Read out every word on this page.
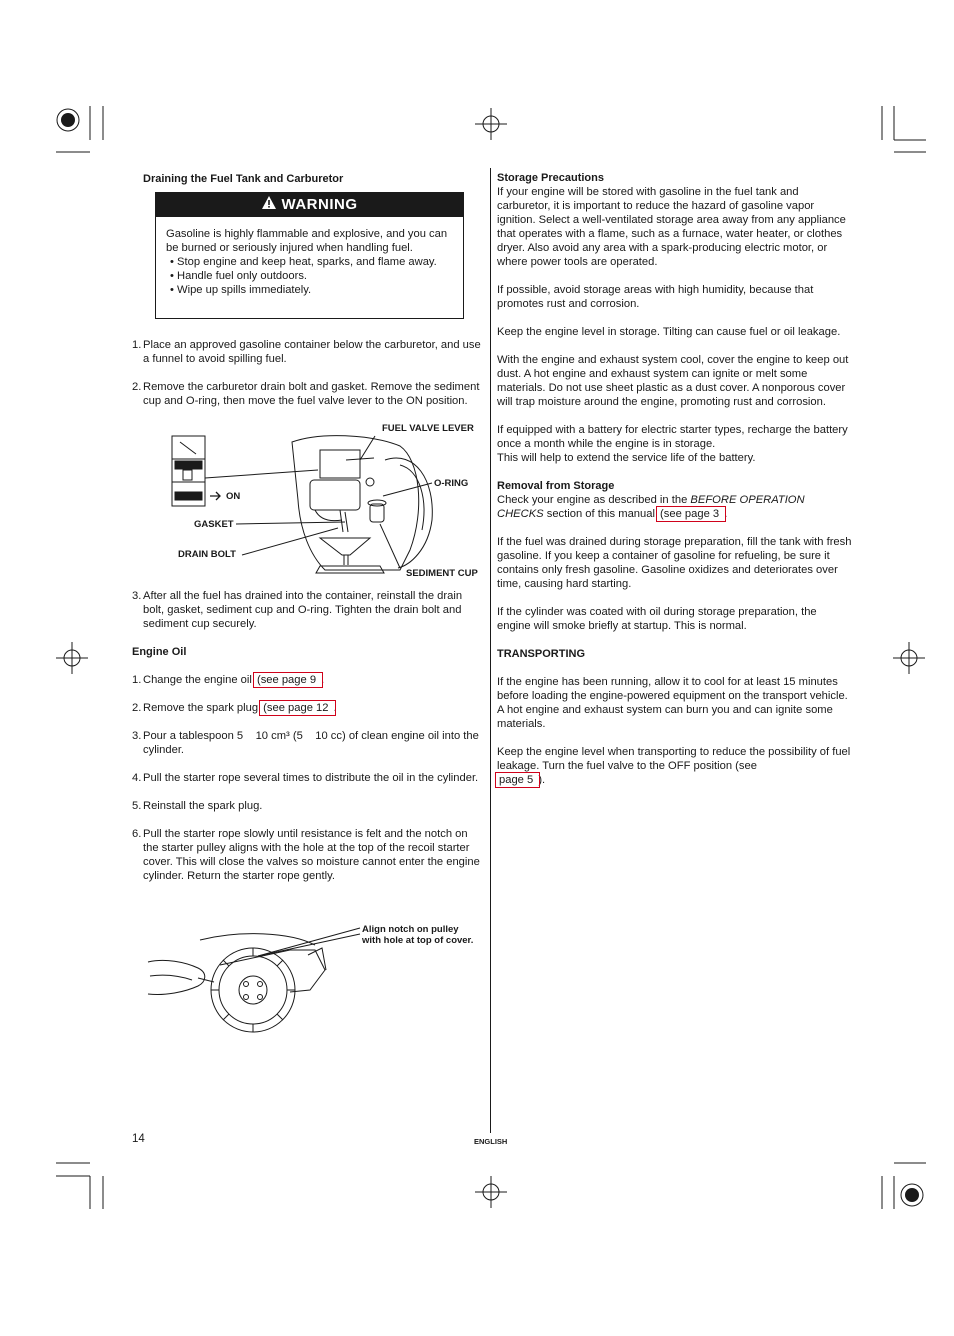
Draining the Fuel Tank and Carburetor
WARNING

Gasoline is highly flammable and explosive, and you can be burned or seriously injured when handling fuel.

• Stop engine and keep heat, sparks, and flame away.

• Handle fuel only outdoors.

• Wipe up spills immediately.

1. Place an approved gasoline container below the carburetor, and use a funnel to avoid spilling fuel.

2. Remove the carburetor drain bolt and gasket. Remove the sediment cup and O-ring, then move the fuel valve lever to the ON position.

FUEL VALVE LEVER
ON
O-RING
GASKET
DRAIN BOLT
SEDIMENT CUP

3. After all the fuel has drained into the container, reinstall the drain bolt, gasket, sediment cup and O-ring. Tighten the drain bolt and sediment cup securely.

Engine Oil

1. Change the engine oil (see page 9 .

2. Remove the spark plug (see page 12 .

3. Pour a tablespoon 5    10 cm³ (5    10 cc) of clean engine oil into the cylinder.

4. Pull the starter rope several times to distribute the oil in the cylinder.

5. Reinstall the spark plug.

6. Pull the starter rope slowly until resistance is felt and the notch on the starter pulley aligns with the hole at the top of the recoil starter cover. This will close the valves so moisture cannot enter the engine cylinder. Return the starter rope gently.

Align notch on pulley
with hole at top of cover.

Storage Precautions

If your engine will be stored with gasoline in the fuel tank and carburetor, it is important to reduce the hazard of gasoline vapor ignition. Select a well-ventilated storage area away from any appliance that operates with a flame, such as a furnace, water heater, or clothes dryer. Also avoid any area with a spark-producing electric motor, or where power tools are operated.

If possible, avoid storage areas with high humidity, because that promotes rust and corrosion.

Keep the engine level in storage. Tilting can cause fuel or oil leakage.

With the engine and exhaust system cool, cover the engine to keep out dust. A hot engine and exhaust system can ignite or melt some materials. Do not use sheet plastic as a dust cover. A nonporous cover will trap moisture around the engine, promoting rust and corrosion.

If equipped with a battery for electric starter types, recharge the battery once a month while the engine is in storage.

This will help to extend the service life of the battery.

Removal from Storage

Check your engine as described in the BEFORE OPERATION CHECKS section of this manual (see page 3 .

If the fuel was drained during storage preparation, fill the tank with fresh gasoline. If you keep a container of gasoline for refueling, be sure it contains only fresh gasoline. Gasoline oxidizes and deteriorates over time, causing hard starting.

If the cylinder was coated with oil during storage preparation, the engine will smoke briefly at startup. This is normal.

TRANSPORTING

If the engine has been running, allow it to cool for at least 15 minutes before loading the engine-powered equipment on the transport vehicle. A hot engine and exhaust system can burn you and can ignite some materials.

Keep the engine level when transporting to reduce the possibility of fuel leakage. Turn the fuel valve to the OFF position (see

page 5 ).

14	ENGLISH
